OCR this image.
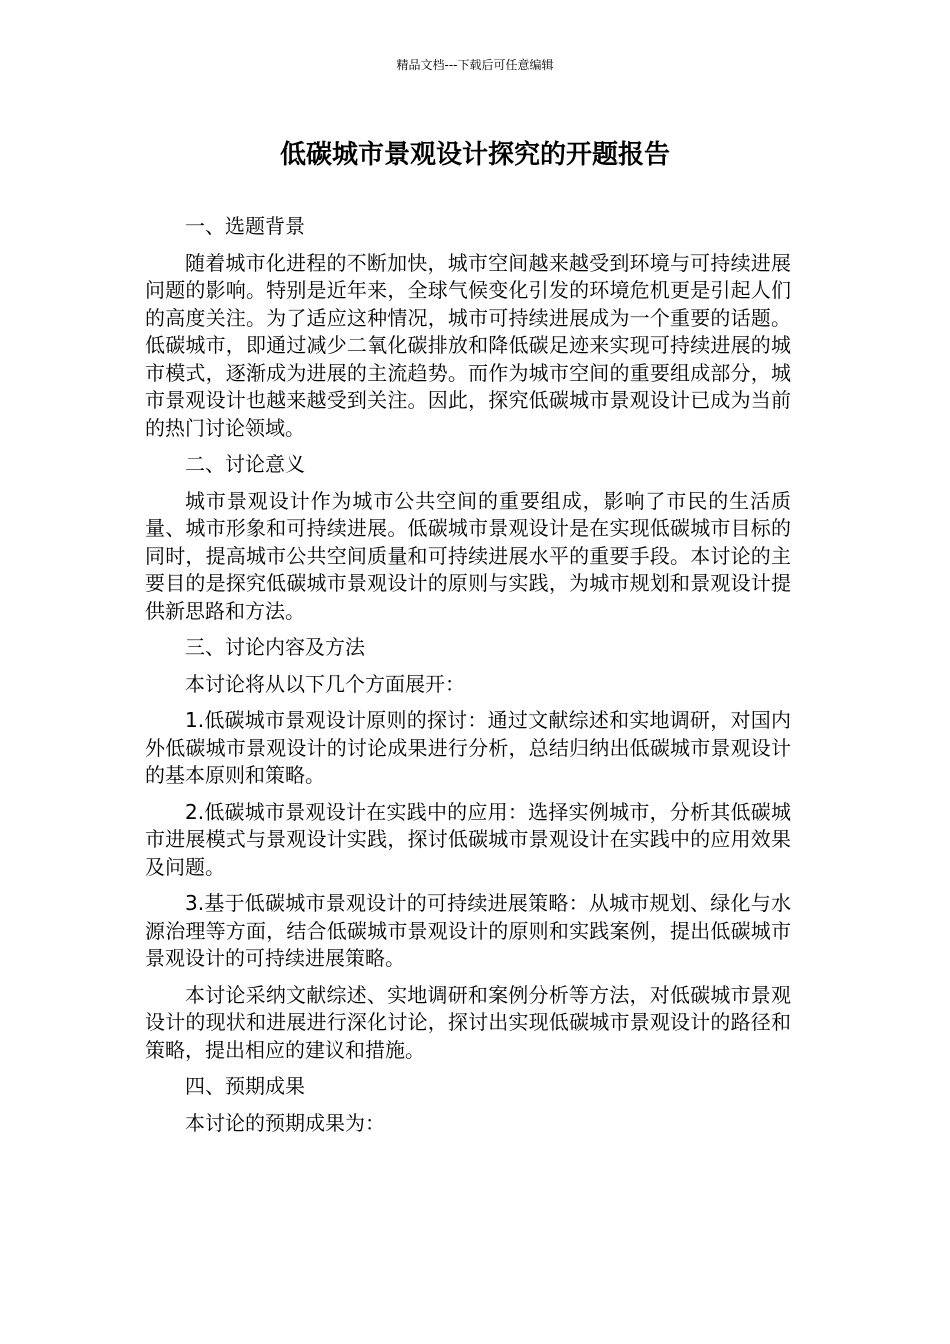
精品文档---下载后可任意编辑
低碳城市景观设计探究的开题报告

一、选题背景

随着城市化进程的不断加快，城市空间越来越受到环境与可持续进展问题的影响。特别是近年来，全球气候变化引发的环境危机更是引起人们的高度关注。为了适应这种情况，城市可持续进展成为一个重要的话题。低碳城市，即通过减少二氧化碳排放和降低碳足迹来实现可持续进展的城市模式，逐渐成为进展的主流趋势。而作为城市空间的重要组成部分，城市景观设计也越来越受到关注。因此，探究低碳城市景观设计已成为当前的热门讨论领域。

二、讨论意义

城市景观设计作为城市公共空间的重要组成，影响了市民的生活质量、城市形象和可持续进展。低碳城市景观设计是在实现低碳城市目标的同时，提高城市公共空间质量和可持续进展水平的重要手段。本讨论的主要目的是探究低碳城市景观设计的原则与实践，为城市规划和景观设计提供新思路和方法。

三、讨论内容及方法

本讨论将从以下几个方面展开：

1.低碳城市景观设计原则的探讨：通过文献综述和实地调研，对国内外低碳城市景观设计的讨论成果进行分析，总结归纳出低碳城市景观设计的基本原则和策略。

2.低碳城市景观设计在实践中的应用：选择实例城市，分析其低碳城市进展模式与景观设计实践，探讨低碳城市景观设计在实践中的应用效果及问题。

3.基于低碳城市景观设计的可持续进展策略：从城市规划、绿化与水源治理等方面，结合低碳城市景观设计的原则和实践案例，提出低碳城市景观设计的可持续进展策略。

本讨论采纳文献综述、实地调研和案例分析等方法，对低碳城市景观设计的现状和进展进行深化讨论，探讨出实现低碳城市景观设计的路径和策略，提出相应的建议和措施。

四、预期成果

本讨论的预期成果为：
